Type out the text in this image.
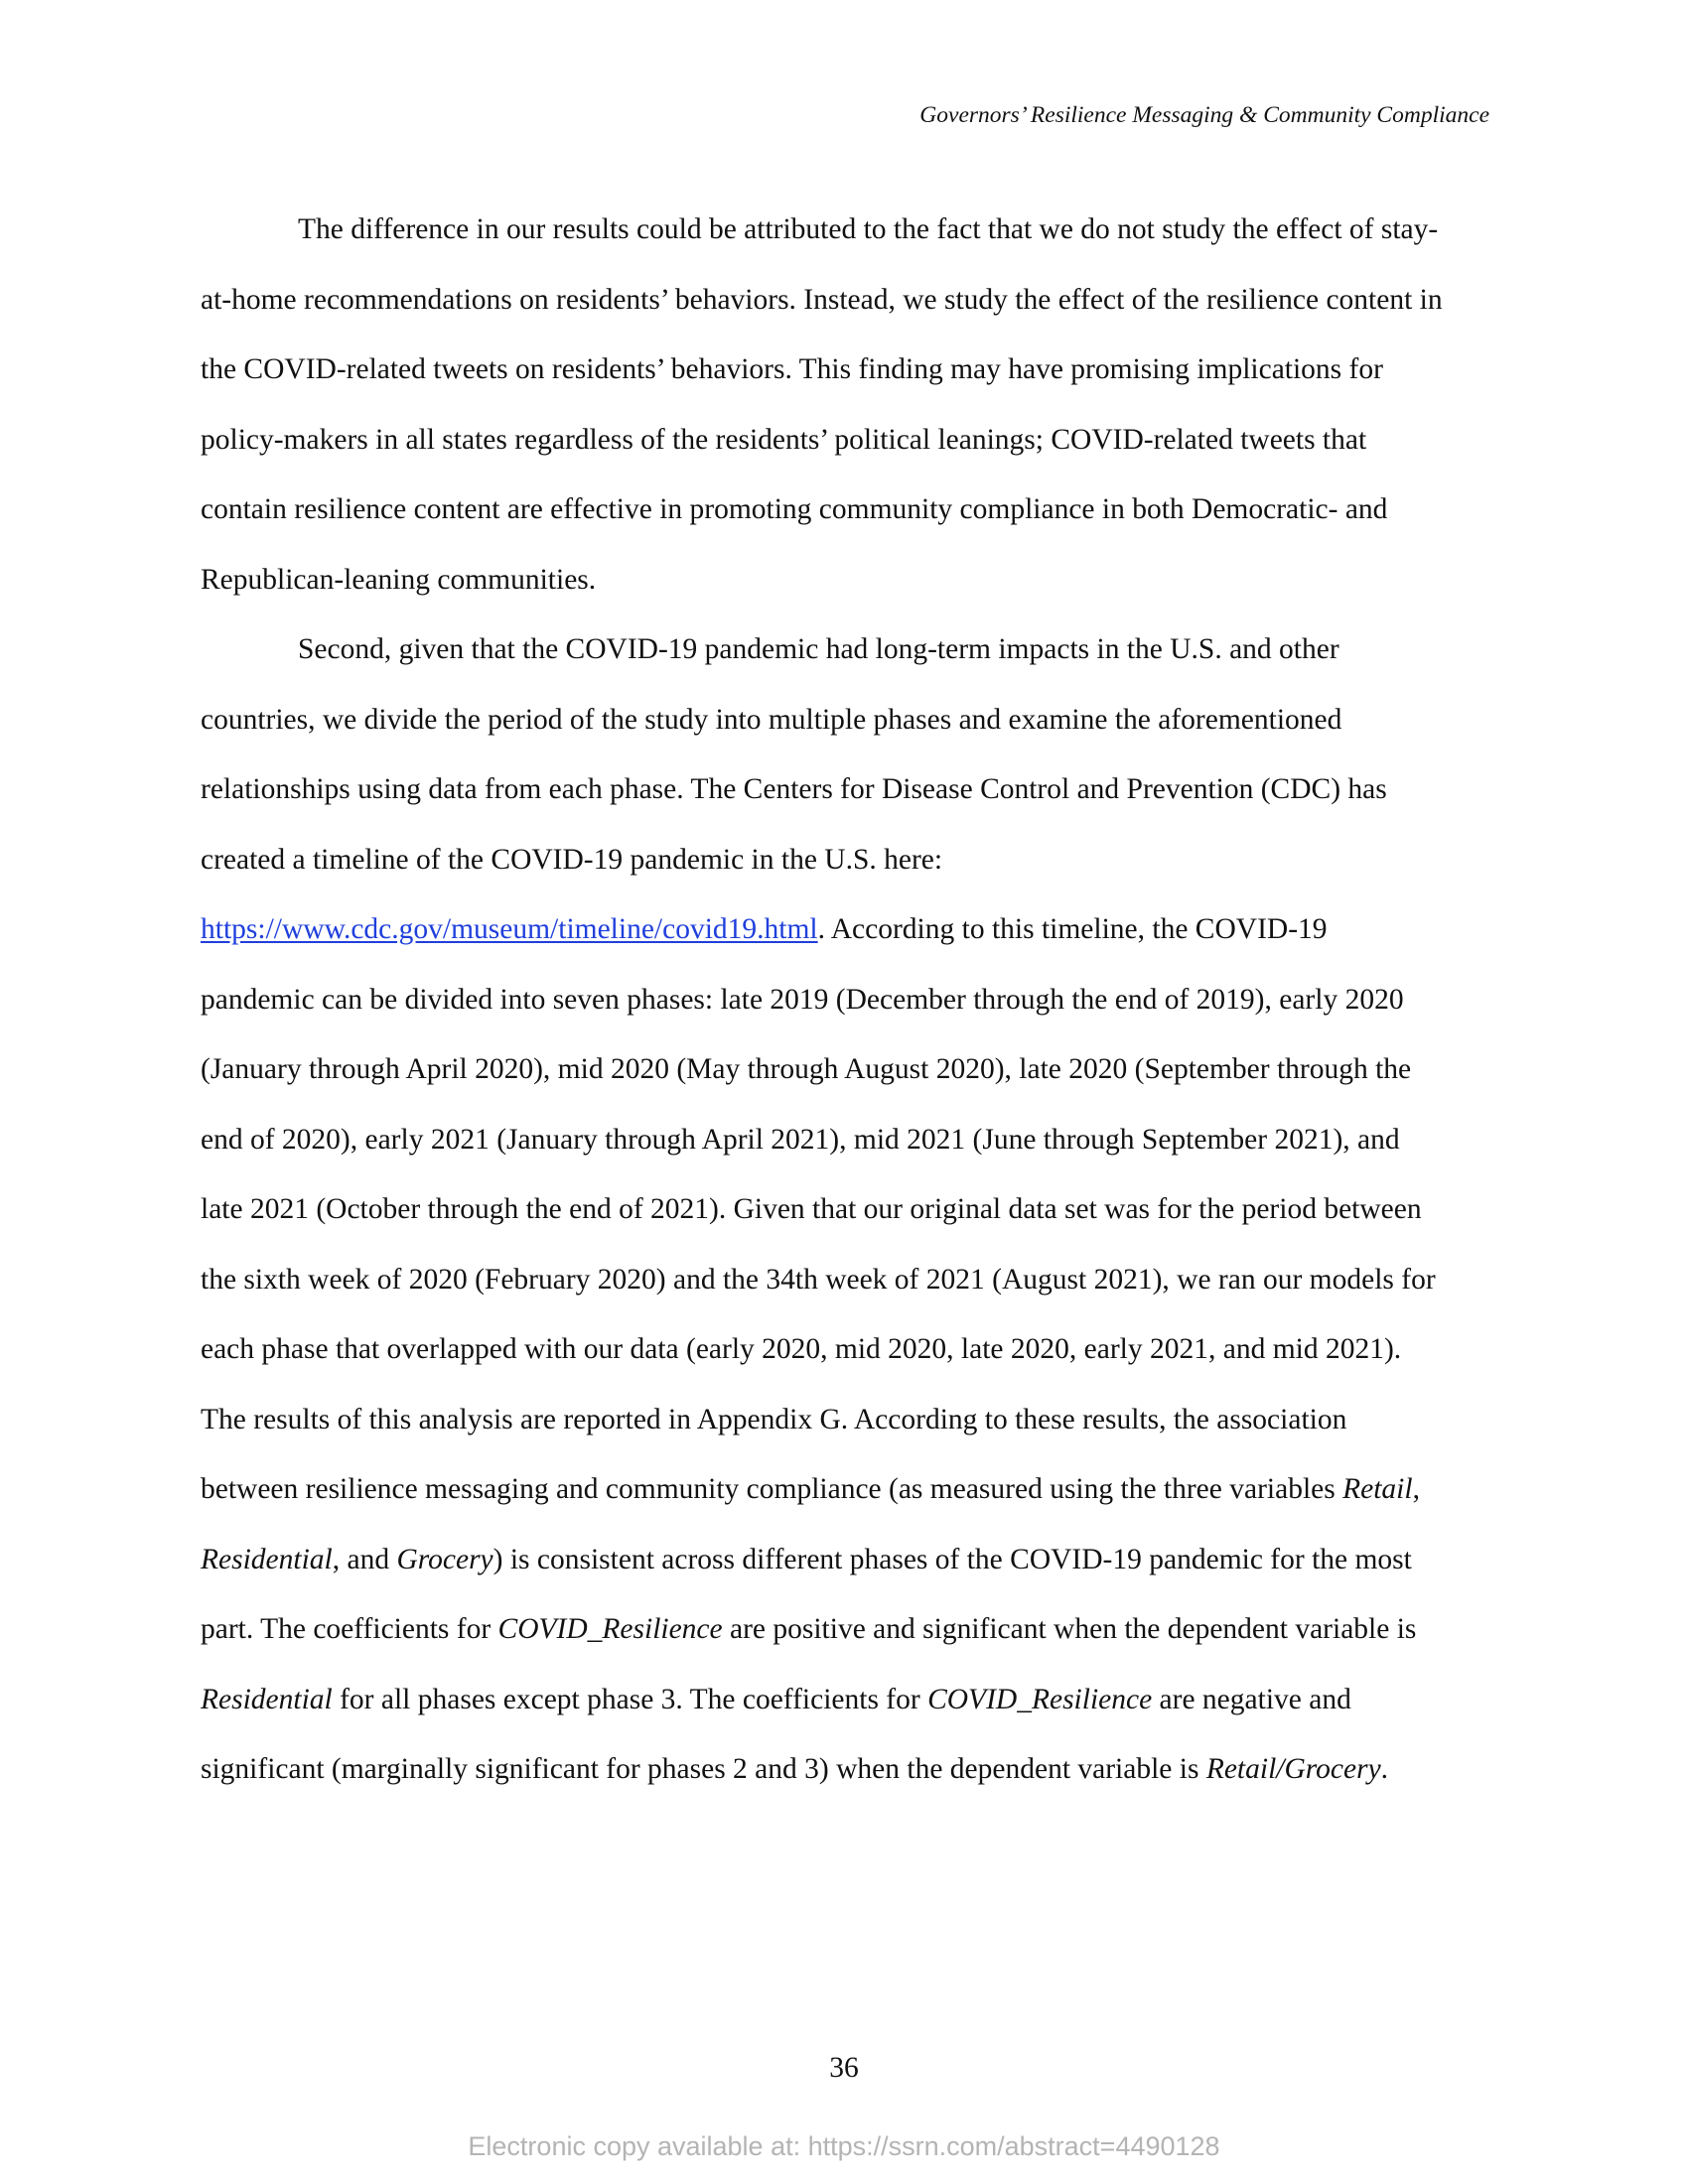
Governors’ Resilience Messaging & Community Compliance
The difference in our results could be attributed to the fact that we do not study the effect of stay-
at-home recommendations on residents’ behaviors. Instead, we study the effect of the resilience content in
the COVID-related tweets on residents’ behaviors. This finding may have promising implications for
policy-makers in all states regardless of the residents’ political leanings; COVID-related tweets that
contain resilience content are effective in promoting community compliance in both Democratic- and
Republican-leaning communities.
Second, given that the COVID-19 pandemic had long-term impacts in the U.S. and other
countries, we divide the period of the study into multiple phases and examine the aforementioned
relationships using data from each phase. The Centers for Disease Control and Prevention (CDC) has
created a timeline of the COVID-19 pandemic in the U.S. here:
https://www.cdc.gov/museum/timeline/covid19.html. According to this timeline, the COVID-19
pandemic can be divided into seven phases: late 2019 (December through the end of 2019), early 2020
(January through April 2020), mid 2020 (May through August 2020), late 2020 (September through the
end of 2020), early 2021 (January through April 2021), mid 2021 (June through September 2021), and
late 2021 (October through the end of 2021). Given that our original data set was for the period between
the sixth week of 2020 (February 2020) and the 34th week of 2021 (August 2021), we ran our models for
each phase that overlapped with our data (early 2020, mid 2020, late 2020, early 2021, and mid 2021).
The results of this analysis are reported in Appendix G. According to these results, the association
between resilience messaging and community compliance (as measured using the three variables Retail,
Residential, and Grocery) is consistent across different phases of the COVID-19 pandemic for the most
part. The coefficients for COVID_Resilience are positive and significant when the dependent variable is
Residential for all phases except phase 3. The coefficients for COVID_Resilience are negative and
significant (marginally significant for phases 2 and 3) when the dependent variable is Retail/Grocery.
36
Electronic copy available at: https://ssrn.com/abstract=4490128
